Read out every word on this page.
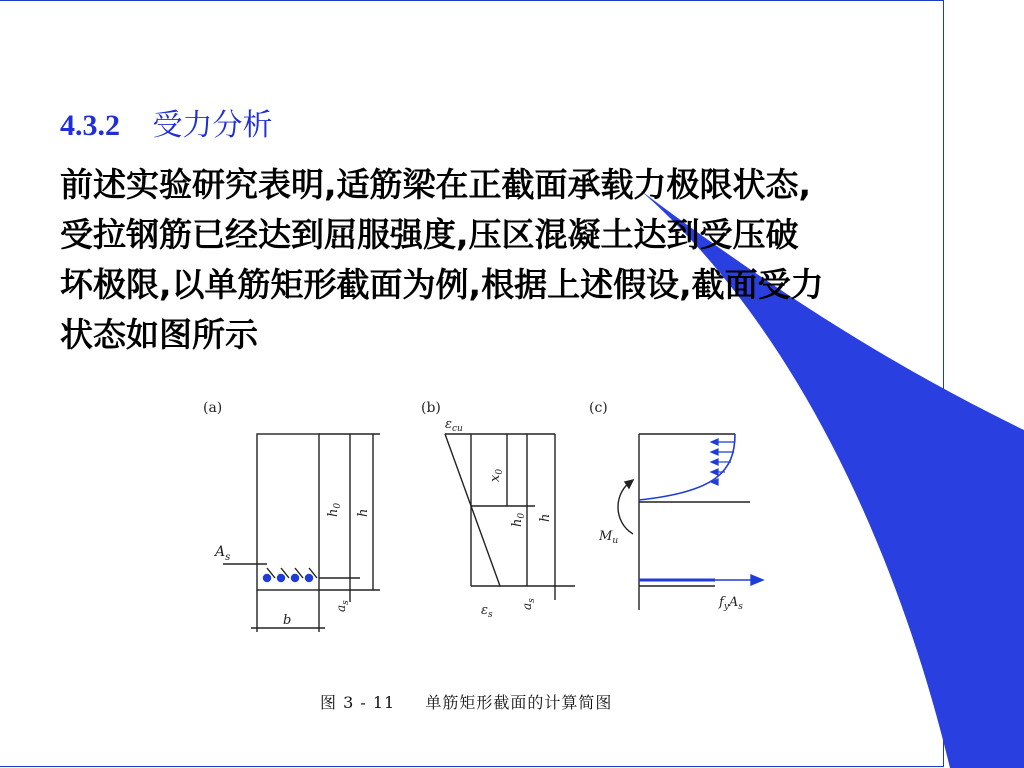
4.3.2 受力分析
前述实验研究表明,适筋梁在正截面承载力极限状态,
受拉钢筋已经达到屈服强度,压区混凝土达到受压破
坏极限,以单筋矩形截面为例,根据上述假设,截面受力
状态如图所示
(a)
$A_s$
$h_0$
h
$a_s$
b
(b)
$\varepsilon_{cu}$
$x_0$
$h_0$ h
$a_s$
$\varepsilon_s$
(c)
$M_u$
$f_yA_s$
图 3 - 11 单筋矩形截面的计算简图
